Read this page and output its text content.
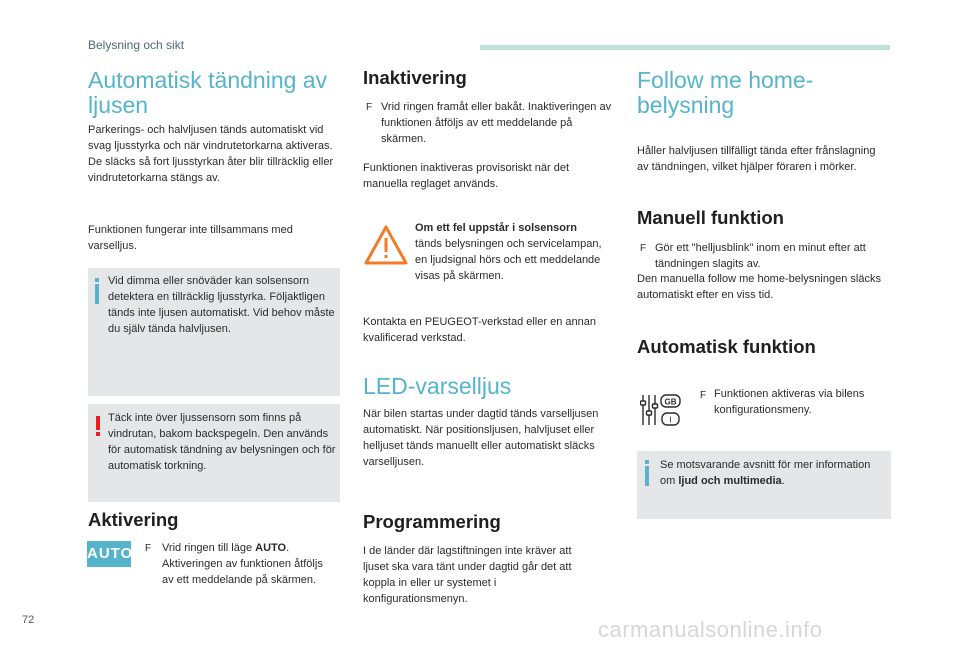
Belysning och sikt
Automatisk tändning av ljusen
Parkerings- och halvljusen tänds automatiskt vid svag ljusstyrka och när vindrutetorkarna aktiveras. De släcks så fort ljusstyrkan åter blir tillräcklig eller vindrutetorkarna stängs av.
Funktionen fungerar inte tillsammans med varselljus.
Vid dimma eller snöväder kan solsensorn detektera en tillräcklig ljusstyrka. Följaktligen tänds inte ljusen automatiskt. Vid behov måste du själv tända halvljusen.
Täck inte över ljussensorn som finns på vindrutan, bakom backspegeln. Den används för automatisk tändning av belysningen och för automatisk torkning.
Aktivering
AUTO F Vrid ringen till läge AUTO. Aktiveringen av funktionen åtföljs av ett meddelande på skärmen.
Inaktivering
F Vrid ringen framåt eller bakåt. Inaktiveringen av funktionen åtföljs av ett meddelande på skärmen.
Funktionen inaktiveras provisoriskt när det manuella reglaget används.
Om ett fel uppstår i solsensorn
tänds belysningen och servicelampan, en ljudsignal hörs och ett meddelande visas på skärmen.
Kontakta en PEUGEOT-verkstad eller en annan kvalificerad verkstad.
LED-varselljus
När bilen startas under dagtid tänds varselljusen automatiskt. När positionsljusen, halvljuset eller helljuset tänds manuellt eller automatiskt släcks varselljusen.
Programmering
I de länder där lagstiftningen inte kräver att ljuset ska vara tänt under dagtid går det att koppla in eller ur systemet i konfigurationsmenyn.
Follow me home-belysning
Håller halvljusen tillfälligt tända efter frånslagning av tändningen, vilket hjälper föraren i mörker.
Manuell funktion
F Gör ett "helljusblink" inom en minut efter att tändningen slagits av.
Den manuella follow me home-belysningen släcks automatiskt efter en viss tid.
Automatisk funktion
GB
I
F Funktionen aktiveras via bilens konfigurationsmeny.
Se motsvarande avsnitt för mer information om ljud och multimedia.
72	carmanualsonline.info
